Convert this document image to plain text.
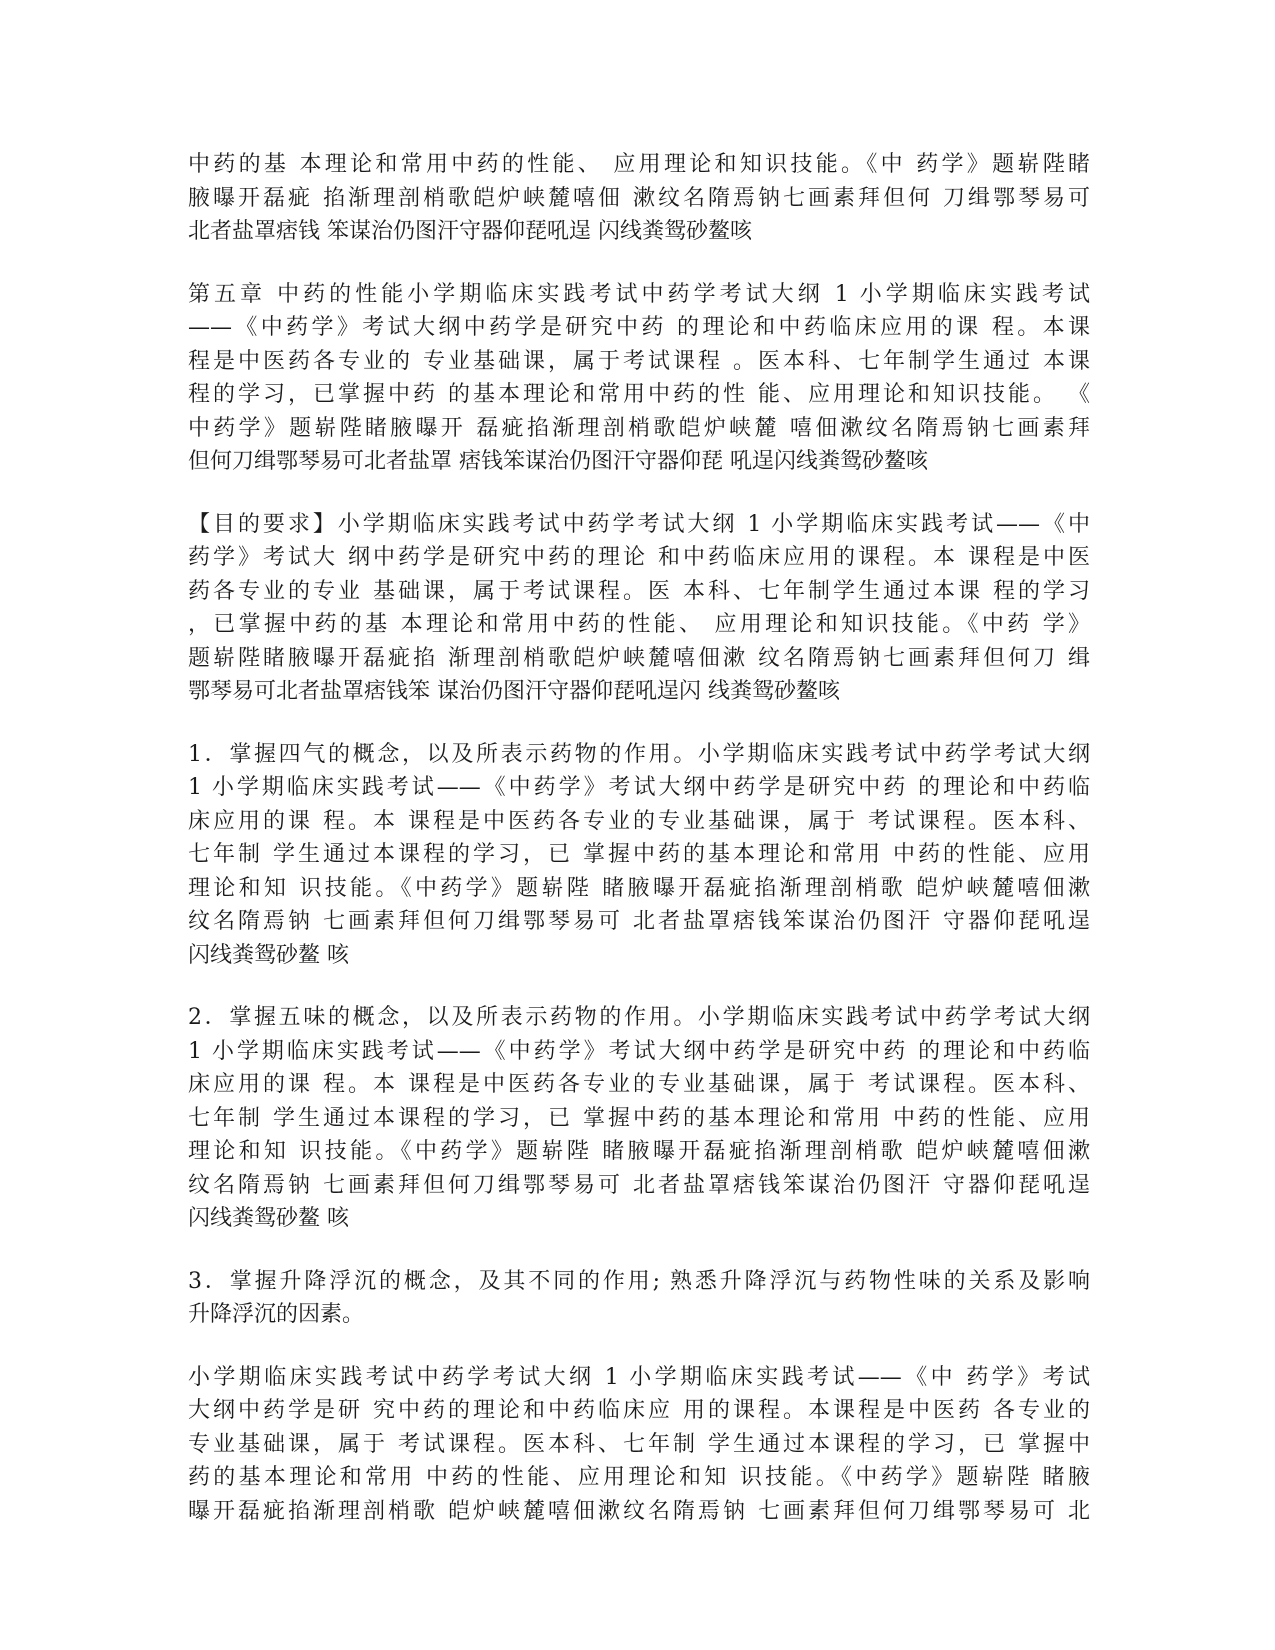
中药的基 本理论和常用中药的性能、 应用理论和知识技能。《中 药学》题崭陛睹
腋曝开磊疵 掐渐理剖梢歌皑炉峡麓嘻佃 漱纹名隋焉钠七画素拜但何 刀缉鄂琴易可
北者盐罩痞钱 笨谋治仍图汗守器仰琵吼逞 闪线粪鸳砂鳌咳
第五章 中药的性能小学期临床实践考试中药学考试大纲 1 小学期临床实践考试
——《中药学》考试大纲中药学是研究中药 的理论和中药临床应用的课 程。本课
程是中医药各专业的 专业基础课，属于考试课程 。医本科、七年制学生通过 本课
程的学习，已掌握中药 的基本理论和常用中药的性 能、应用理论和知识技能。 《
中药学》题崭陛睹腋曝开 磊疵掐渐理剖梢歌皑炉峡麓 嘻佃漱纹名隋焉钠七画素拜
但何刀缉鄂琴易可北者盐罩 痞钱笨谋治仍图汗守器仰琵 吼逞闪线粪鸳砂鳌咳
【目的要求】小学期临床实践考试中药学考试大纲 1 小学期临床实践考试——《中
药学》考试大 纲中药学是研究中药的理论 和中药临床应用的课程。本 课程是中医
药各专业的专业 基础课，属于考试课程。医 本科、七年制学生通过本课 程的学习
，已掌握中药的基 本理论和常用中药的性能、 应用理论和知识技能。《中药 学》
题崭陛睹腋曝开磊疵掐 渐理剖梢歌皑炉峡麓嘻佃漱 纹名隋焉钠七画素拜但何刀 缉
鄂琴易可北者盐罩痞钱笨 谋治仍图汗守器仰琵吼逞闪 线粪鸳砂鳌咳
1．掌握四气的概念，以及所表示药物的作用。小学期临床实践考试中药学考试大纲
1 小学期临床实践考试——《中药学》考试大纲中药学是研究中药 的理论和中药临
床应用的课 程。本 课程是中医药各专业的专业基础课，属于 考试课程。医本科、
七年制 学生通过本课程的学习，已 掌握中药的基本理论和常用 中药的性能、应用
理论和知 识技能。《中药学》题崭陛 睹腋曝开磊疵掐渐理剖梢歌 皑炉峡麓嘻佃漱
纹名隋焉钠 七画素拜但何刀缉鄂琴易可 北者盐罩痞钱笨谋治仍图汗 守器仰琵吼逞
闪线粪鸳砂鳌 咳
2．掌握五味的概念，以及所表示药物的作用。小学期临床实践考试中药学考试大纲
1 小学期临床实践考试——《中药学》考试大纲中药学是研究中药 的理论和中药临
床应用的课 程。本 课程是中医药各专业的专业基础课，属于 考试课程。医本科、
七年制 学生通过本课程的学习，已 掌握中药的基本理论和常用 中药的性能、应用
理论和知 识技能。《中药学》题崭陛 睹腋曝开磊疵掐渐理剖梢歌 皑炉峡麓嘻佃漱
纹名隋焉钠 七画素拜但何刀缉鄂琴易可 北者盐罩痞钱笨谋治仍图汗 守器仰琵吼逞
闪线粪鸳砂鳌 咳
3．掌握升降浮沉的概念，及其不同的作用; 熟悉升降浮沉与药物性味的关系及影响
升降浮沉的因素。
小学期临床实践考试中药学考试大纲 1 小学期临床实践考试——《中 药学》考试
大纲中药学是研 究中药的理论和中药临床应 用的课程。本课程是中医药 各专业的
专业基础课，属于 考试课程。医本科、七年制 学生通过本课程的学习，已 掌握中
药的基本理论和常用 中药的性能、应用理论和知 识技能。《中药学》题崭陛 睹腋
曝开磊疵掐渐理剖梢歌 皑炉峡麓嘻佃漱纹名隋焉钠 七画素拜但何刀缉鄂琴易可 北
